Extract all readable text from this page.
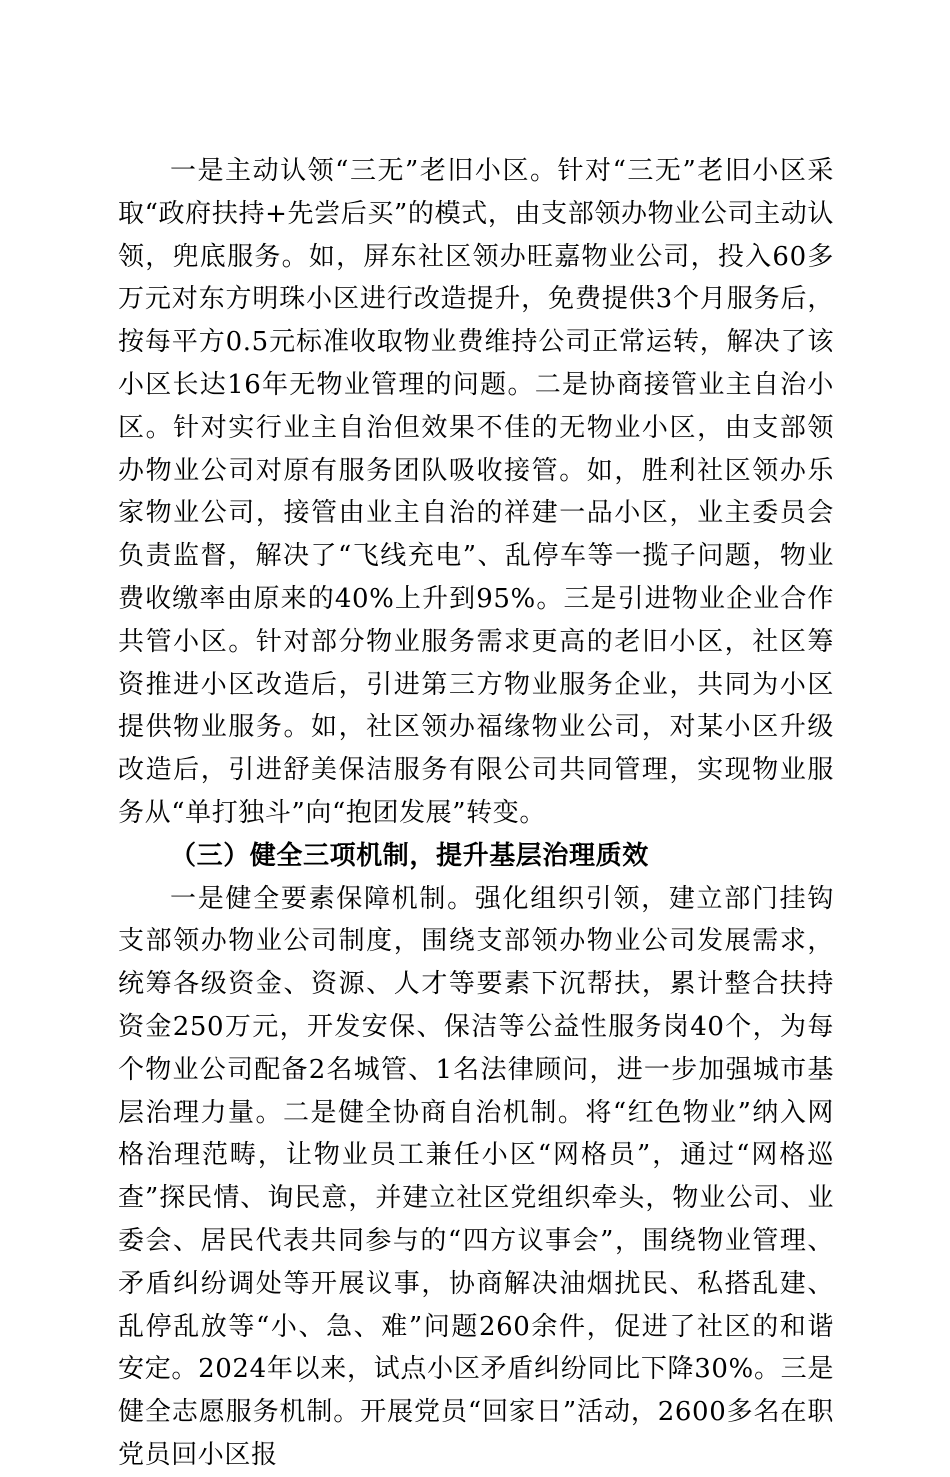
一是主动认领“三无”老旧小区。针对“三无”老旧小区采取“政府扶持+先尝后买”的模式，由支部领办物业公司主动认领，兜底服务。如，屏东社区领办旺嘉物业公司，投入60多万元对东方明珠小区进行改造提升，免费提供3个月服务后，按每平方0.5元标准收取物业费维持公司正常运转，解决了该小区长达16年无物业管理的问题。二是协商接管业主自治小区。针对实行业主自治但效果不佳的无物业小区，由支部领办物业公司对原有服务团队吸收接管。如，胜利社区领办乐家物业公司，接管由业主自治的祥建一品小区，业主委员会负责监督，解决了“飞线充电”、乱停车等一揽子问题，物业费收缴率由原来的40%上升到95%。三是引进物业企业合作共管小区。针对部分物业服务需求更高的老旧小区，社区筹资推进小区改造后，引进第三方物业服务企业，共同为小区提供物业服务。如，社区领办福缘物业公司，对某小区升级改造后，引进舒美保洁服务有限公司共同管理，实现物业服务从“单打独斗”向“抱团发展”转变。

（三）健全三项机制，提升基层治理质效

一是健全要素保障机制。强化组织引领，建立部门挂钩支部领办物业公司制度，围绕支部领办物业公司发展需求，统筹各级资金、资源、人才等要素下沉帮扶，累计整合扶持资金250万元，开发安保、保洁等公益性服务岗40个，为每个物业公司配备2名城管、1名法律顾问，进一步加强城市基层治理力量。二是健全协商自治机制。将“红色物业”纳入网格治理范畴，让物业员工兼任小区“网格员”，通过“网格巡查”探民情、询民意，并建立社区党组织牵头，物业公司、业委会、居民代表共同参与的“四方议事会”，围绕物业管理、矛盾纠纷调处等开展议事，协商解决油烟扰民、私搭乱建、乱停乱放等“小、急、难”问题260余件，促进了社区的和谐安定。2024年以来，试点小区矛盾纠纷同比下降30%。三是健全志愿服务机制。开展党员“回家日”活动，2600多名在职党员回小区报
